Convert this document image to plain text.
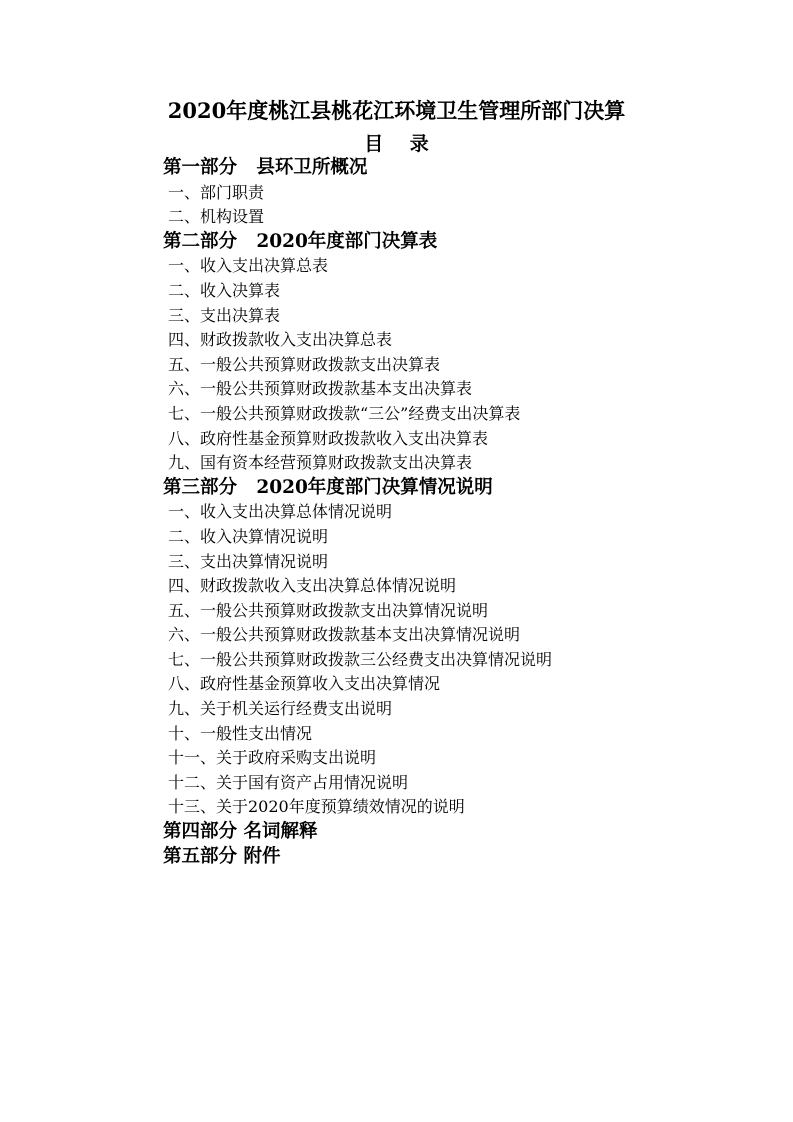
2020年度桃江县桃花江环境卫生管理所部门决算
目    录
第一部分   县环卫所概况
一、部门职责
二、机构设置
第二部分   2020年度部门决算表
一、收入支出决算总表
二、收入决算表
三、支出决算表
四、财政拨款收入支出决算总表
五、一般公共预算财政拨款支出决算表
六、一般公共预算财政拨款基本支出决算表
七、一般公共预算财政拨款“三公”经费支出决算表
八、政府性基金预算财政拨款收入支出决算表
九、国有资本经营预算财政拨款支出决算表
第三部分   2020年度部门决算情况说明
一、收入支出决算总体情况说明
二、收入决算情况说明
三、支出决算情况说明
四、财政拨款收入支出决算总体情况说明
五、一般公共预算财政拨款支出决算情况说明
六、一般公共预算财政拨款基本支出决算情况说明
七、一般公共预算财政拨款三公经费支出决算情况说明
八、政府性基金预算收入支出决算情况
九、关于机关运行经费支出说明
十、一般性支出情况
十一、关于政府采购支出说明
十二、关于国有资产占用情况说明
十三、关于2020年度预算绩效情况的说明
第四部分 名词解释
第五部分 附件
